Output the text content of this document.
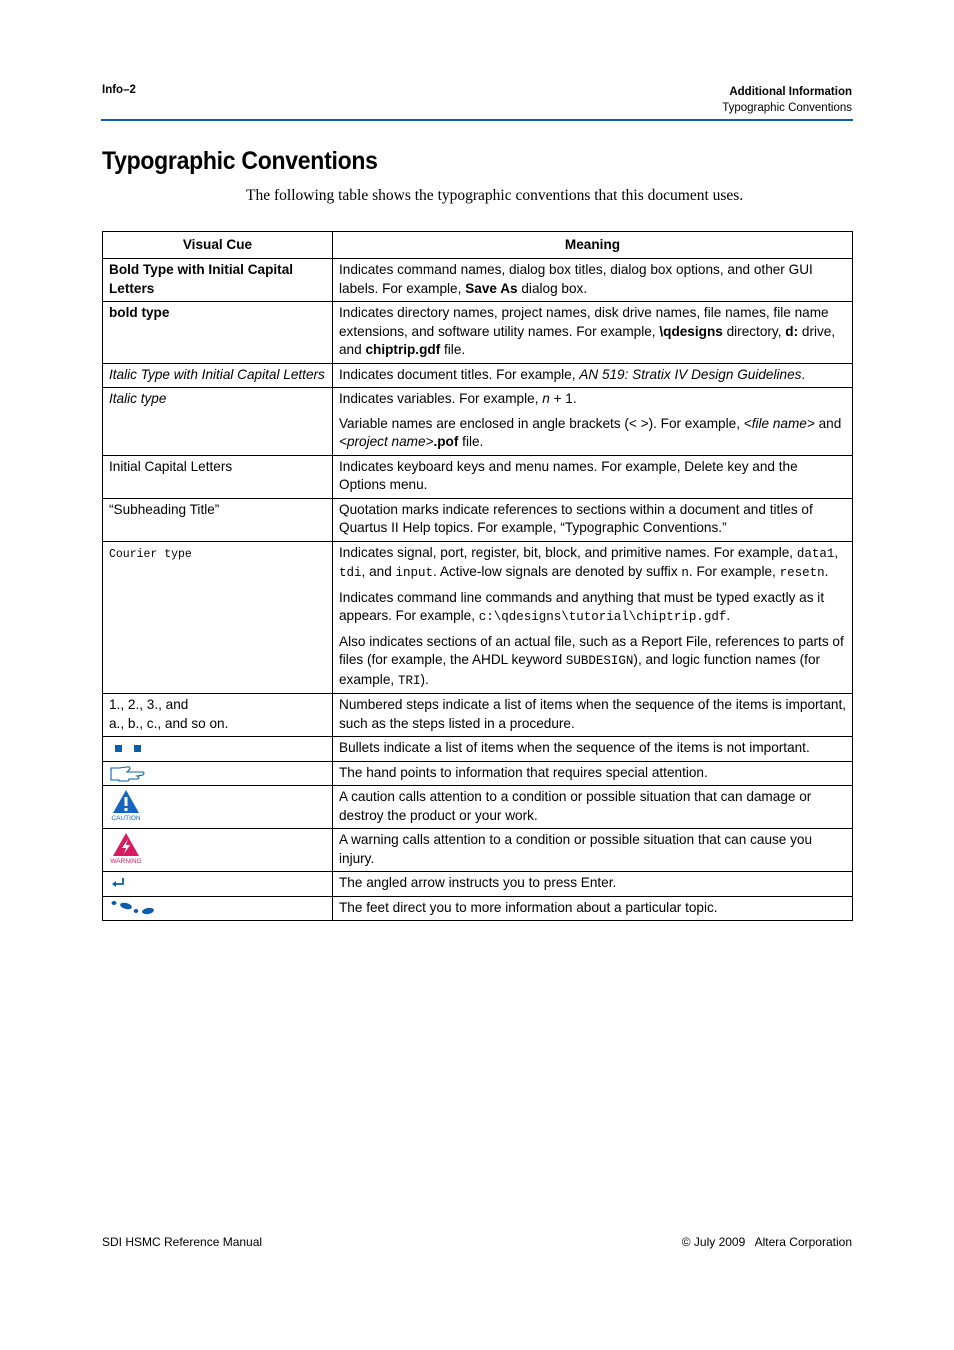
Info–2	Additional Information
Typographic Conventions
Typographic Conventions
The following table shows the typographic conventions that this document uses.
Visual Cue	Meaning
Bold Type with Initial Capital Letters	Indicates command names, dialog box titles, dialog box options, and other GUI labels. For example, Save As dialog box.
bold type	Indicates directory names, project names, disk drive names, file names, file name extensions, and software utility names. For example, \qdesigns directory, d: drive, and chiptrip.gdf file.
Italic Type with Initial Capital Letters	Indicates document titles. For example, AN 519: Stratix IV Design Guidelines.
Italic type	Indicates variables. For example, n + 1.
Variable names are enclosed in angle brackets (< >). For example, <file name> and <project name>.pof file.

Initial Capital Letters	Indicates keyboard keys and menu names. For example, Delete key and the Options menu.
“Subheading Title”	Quotation marks indicate references to sections within a document and titles of Quartus II Help topics. For example, “Typographic Conventions.”
Courier type	Indicates signal, port, register, bit, block, and primitive names. For example, data1, tdi, and input. Active-low signals are denoted by suffix n. For example, resetn.
Indicates command line commands and anything that must be typed exactly as it appears. For example, c:\qdesigns\tutorial\chiptrip.gdf.
Also indicates sections of an actual file, such as a Report File, references to parts of files (for example, the AHDL keyword SUBDESIGN), and logic function names (for example, TRI).

1., 2., 3., and
a., b., c., and so on.	Numbered steps indicate a list of items when the sequence of the items is important, such as the steps listed in a procedure.

	Bullets indicate a list of items when the sequence of the items is not important.

	The hand points to information that requires special attention.

CAUTION	A caution calls attention to a condition or possible situation that can damage or destroy the product or your work.

WARNING	A warning calls attention to a condition or possible situation that can cause you injury.

	The angled arrow instructs you to press Enter.

	The feet direct you to more information about a particular topic.
SDI HSMC Reference Manual	© July 2009   Altera Corporation
